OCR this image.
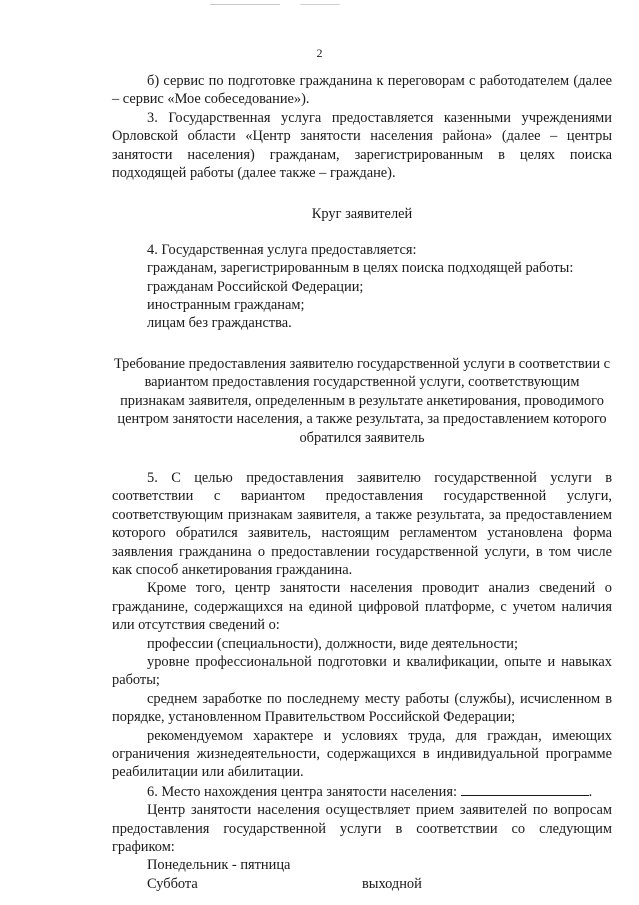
2

б) сервис по подготовке гражданина к переговорам с работодателем (далее – сервис «Мое собеседование»).

3. Государственная услуга предоставляется казенными учреждениями Орловской области «Центр занятости населения района» (далее – центры занятости населения) гражданам, зарегистрированным в целях поиска подходящей работы (далее также – граждане).

Круг заявителей

4. Государственная услуга предоставляется:

гражданам, зарегистрированным в целях поиска подходящей работы:

гражданам Российской Федерации;

иностранным гражданам;

лицам без гражданства.

Требование предоставления заявителю государственной услуги в соответствии с вариантом предоставления государственной услуги, соответствующим признакам заявителя, определенным в результате анкетирования, проводимого центром занятости населения, а также результата, за предоставлением которого обратился заявитель

5. С целью предоставления заявителю государственной услуги в соответствии с вариантом предоставления государственной услуги, соответствующим признакам заявителя, а также результата, за предоставлением которого обратился заявитель, настоящим регламентом установлена форма заявления гражданина о предоставлении государственной услуги, в том числе как способ анкетирования гражданина.

Кроме того, центр занятости населения проводит анализ сведений о гражданине, содержащихся на единой цифровой платформе, с учетом наличия или отсутствия сведений о:

профессии (специальности), должности, виде деятельности;

уровне профессиональной подготовки и квалификации, опыте и навыках работы;

среднем заработке по последнему месту работы (службы), исчисленном в порядке, установленном Правительством Российской Федерации;

рекомендуемом характере и условиях труда, для граждан, имеющих ограничения жизнедеятельности, содержащихся в индивидуальной программе реабилитации или абилитации.

6. Место нахождения центра занятости населения:	.

Центр занятости населения осуществляет прием заявителей по вопросам предоставления государственной услуги в соответствии со следующим графиком:

Понедельник - пятница
Суббота	выходной
